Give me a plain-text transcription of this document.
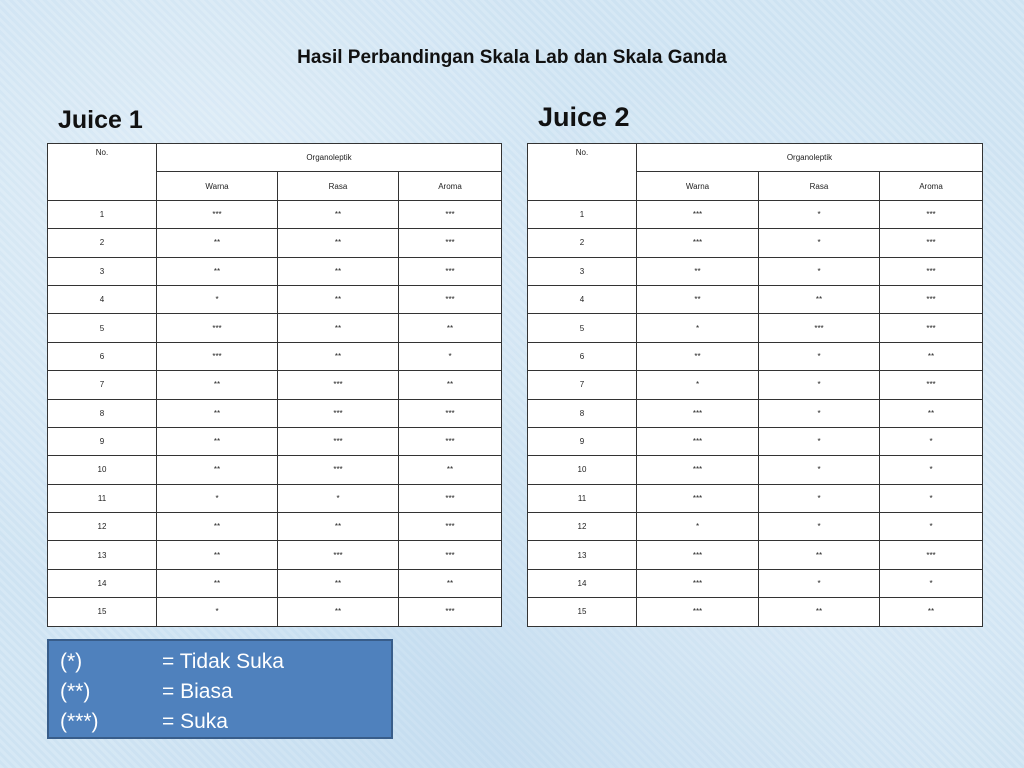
Hasil Perbandingan Skala Lab dan Skala Ganda
Juice 1	Juice 2
No.	Organoleptik		
	Warna	Rasa	Aroma
1	***	**	***
2	**	**	***
3	**	**	***
4	*	**	***
5	***	**	**
6	***	**	*
7	**	***	**
8	**	***	***
9	**	***	***
10	**	***	**
11	*	*	***
12	**	**	***
13	**	***	***
14	**	**	**
15	*	**	***
No.	Organoleptik		
	Warna	Rasa	Aroma
1	***	*	***
2	***	*	***
3	**	*	***
4	**	**	***
5	*	***	***
6	**	*	**
7	*	*	***
8	***	*	**
9	***	*	*
10	***	*	*
11	***	*	*
12	*	*	*
13	***	**	***
14	***	*	*
15	***	**	**
(*)	= Tidak Suka
(**)	= Biasa
(***)	= Suka
